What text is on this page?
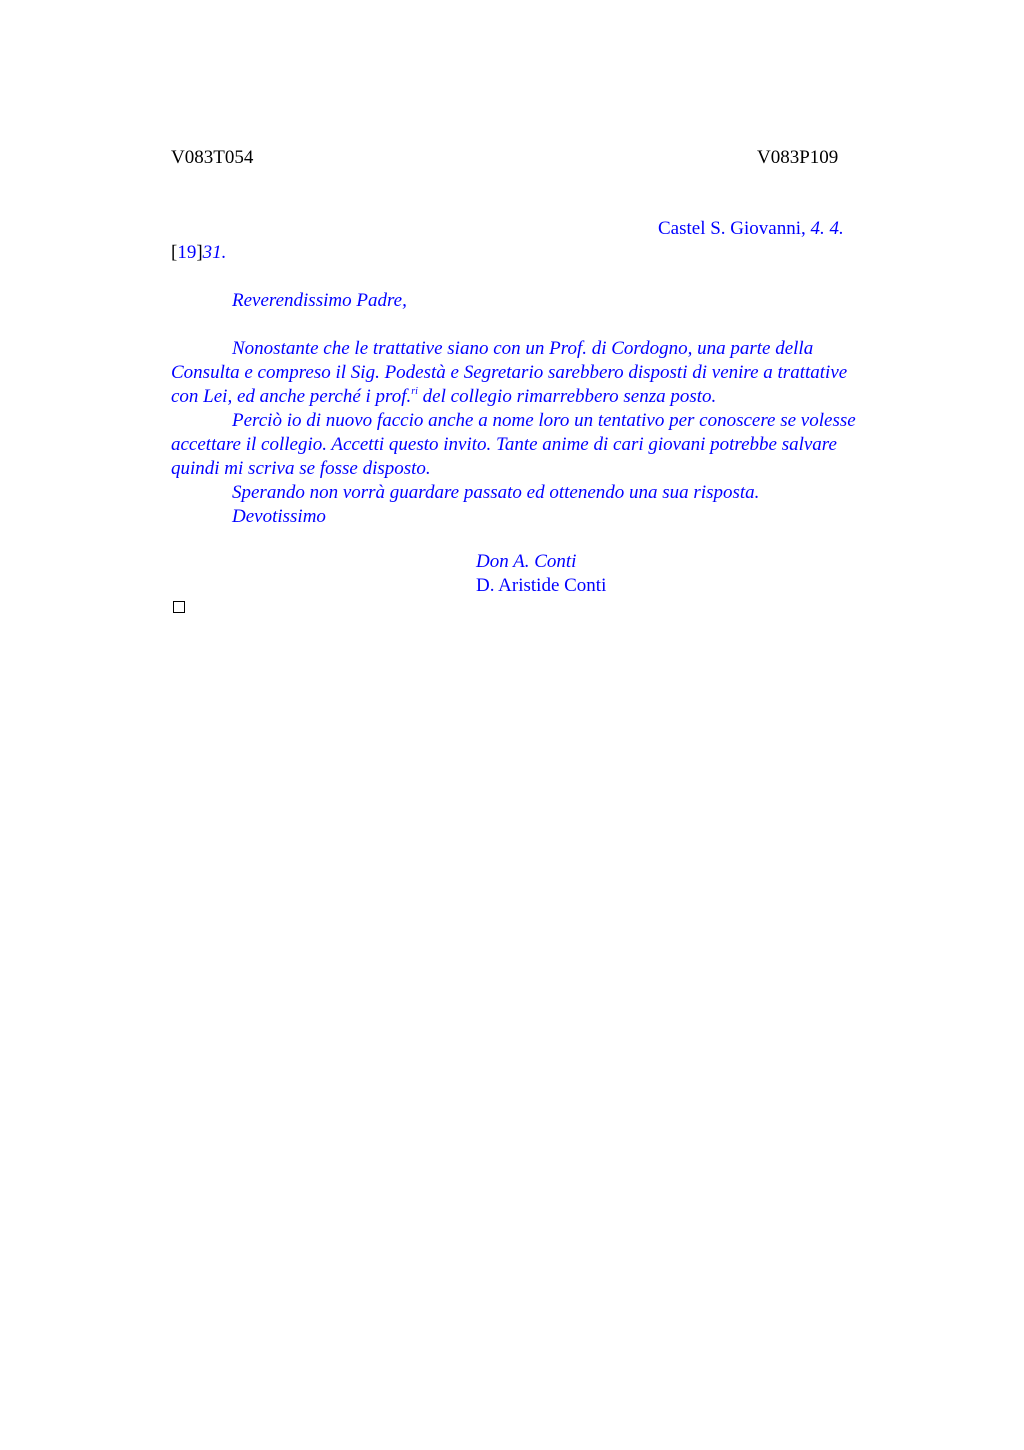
V083T054	V083P109
Castel S. Giovanni, 4. 4.
[19]31.
Reverendissimo Padre,
Nonostante che le trattative siano con un Prof. di Cordogno, una parte della
Consulta e compreso il Sig. Podestà e Segretario sarebbero disposti di venire a trattative
con Lei, ed anche perché i prof.$^{ri}$ del collegio rimarrebbero senza posto.
Perciò io di nuovo faccio anche a nome loro un tentativo per conoscere se volesse
accettare il collegio. Accetti questo invito. Tante anime di cari giovani potrebbe salvare
quindi mi scriva se fosse disposto.
Sperando non vorrà guardare passato ed ottenendo una sua risposta.
Devotissimo
Don A. Conti
D. Aristide Conti
